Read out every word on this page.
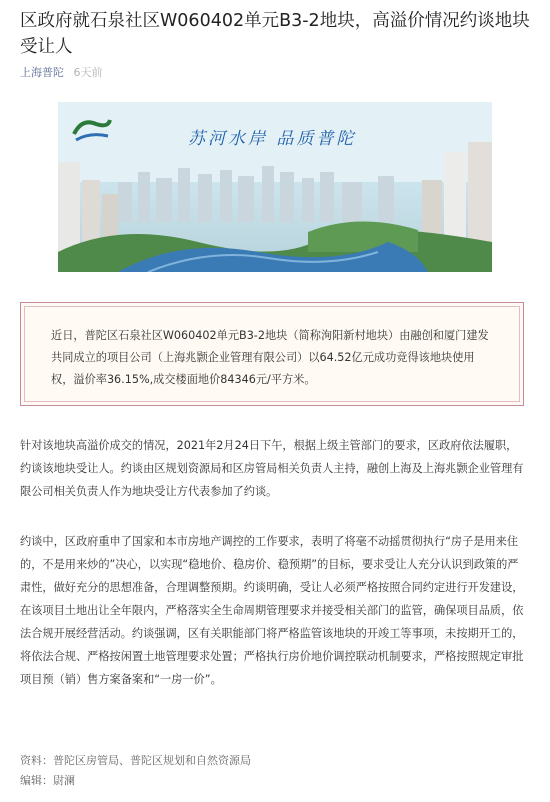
区政府就石泉社区W060402单元B3-2地块，高溢价情况约谈地块受让人
上海普陀 6天前
苏河水岸 品质普陀
近日，普陀区石泉社区W060402单元B3-2地块（简称洵阳新村地块）由融创和厦门建发共同成立的项目公司（上海兆颢企业管理有限公司）以64.52亿元成功竞得该地块使用权，溢价率36.15%,成交楼面地价84346元/平方米。
针对该地块高溢价成交的情况，2021年2月24日下午，根据上级主管部门的要求，区政府依法履职，约谈该地块受让人。约谈由区规划资源局和区房管局相关负责人主持，融创上海及上海兆颢企业管理有限公司相关负责人作为地块受让方代表参加了约谈。
约谈中，区政府重申了国家和本市房地产调控的工作要求，表明了将毫不动摇贯彻执行“房子是用来住的，不是用来炒的”决心，以实现“稳地价、稳房价、稳预期”的目标，要求受让人充分认识到政策的严肃性，做好充分的思想准备，合理调整预期。约谈明确，受让人必须严格按照合同约定进行开发建设，在该项目土地出让全年限内，严格落实全生命周期管理要求并接受相关部门的监管，确保项目品质，依法合规开展经营活动。约谈强调，区有关职能部门将严格监管该地块的开竣工等事项，未按期开工的，将依法合规、严格按闲置土地管理要求处置；严格执行房价地价调控联动机制要求，严格按照规定审批项目预（销）售方案备案和“一房一价”。
资料：普陀区房管局、普陀区规划和自然资源局
编辑：尉澜
